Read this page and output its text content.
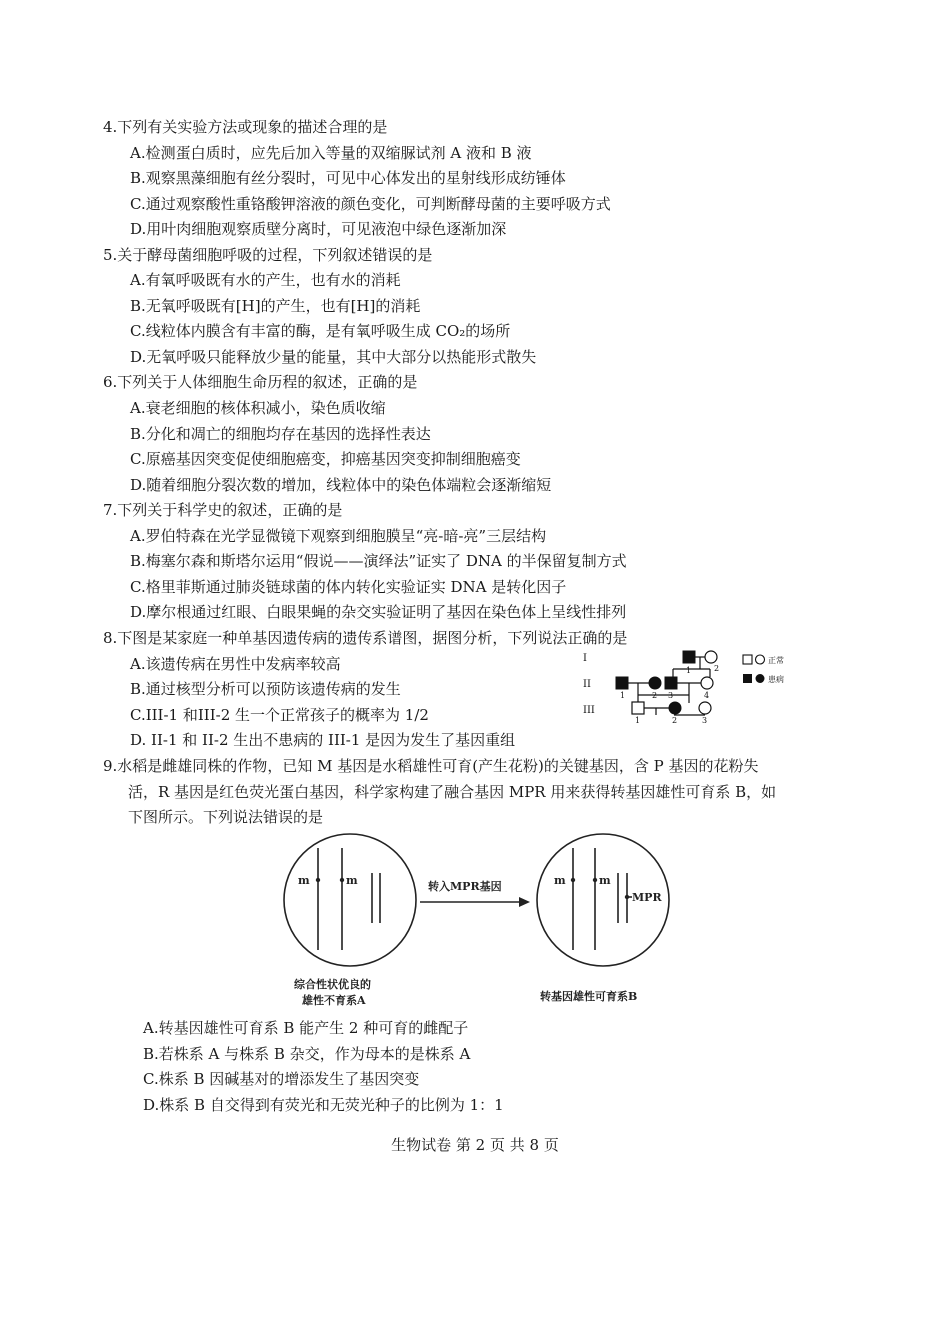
4.下列有关实验方法或现象的描述合理的是
A.检测蛋白质时，应先后加入等量的双缩脲试剂 A 液和 B 液
B.观察黑藻细胞有丝分裂时，可见中心体发出的星射线形成纺锤体
C.通过观察酸性重铬酸钾溶液的颜色变化，可判断酵母菌的主要呼吸方式
D.用叶肉细胞观察质壁分离时，可见液泡中绿色逐渐加深
5.关于酵母菌细胞呼吸的过程，下列叙述错误的是
A.有氧呼吸既有水的产生，也有水的消耗
B.无氧呼吸既有[H]的产生，也有[H]的消耗
C.线粒体内膜含有丰富的酶，是有氧呼吸生成 CO₂的场所
D.无氧呼吸只能释放少量的能量，其中大部分以热能形式散失
6.下列关于人体细胞生命历程的叙述，正确的是
A.衰老细胞的核体积减小，染色质收缩
B.分化和凋亡的细胞均存在基因的选择性表达
C.原癌基因突变促使细胞癌变，抑癌基因突变抑制细胞癌变
D.随着细胞分裂次数的增加，线粒体中的染色体端粒会逐渐缩短
7.下列关于科学史的叙述，正确的是
A.罗伯特森在光学显微镜下观察到细胞膜呈“亮-暗-亮”三层结构
B.梅塞尔森和斯塔尔运用“假说——演绎法”证实了 DNA 的半保留复制方式
C.格里菲斯通过肺炎链球菌的体内转化实验证实 DNA 是转化因子
D.摩尔根通过红眼、白眼果蝇的杂交实验证明了基因在染色体上呈线性排列
8.下图是某家庭一种单基因遗传病的遗传系谱图，据图分析，下列说法正确的是
A.该遗传病在男性中发病率较高
B.通过核型分析可以预防该遗传病的发生
C.III-1 和III-2 生一个正常孩子的概率为 1/2
D. II-1 和 II-2 生出不患病的 III-1 是因为发生了基因重组
I
II
III
1	2
1	2 3	4
1	2	3
正常
患病
9.水稻是雌雄同株的作物，已知 M 基因是水稻雄性可育(产生花粉)的关键基因，含 P 基因的花粉失
活，R 基因是红色荧光蛋白基因，科学家构建了融合基因 MPR 用来获得转基因雄性可育系 B，如
下图所示。下列说法错误的是
m	m	转入MPR基因	m	m
MPR
综合性状优良的
雄性不育系A	转基因雄性可育系B
A.转基因雄性可育系 B 能产生 2 种可育的雌配子
B.若株系 A 与株系 B 杂交，作为母本的是株系 A
C.株系 B 因碱基对的增添发生了基因突变
D.株系 B 自交得到有荧光和无荧光种子的比例为 1：1
生物试卷 第 2 页 共 8 页
